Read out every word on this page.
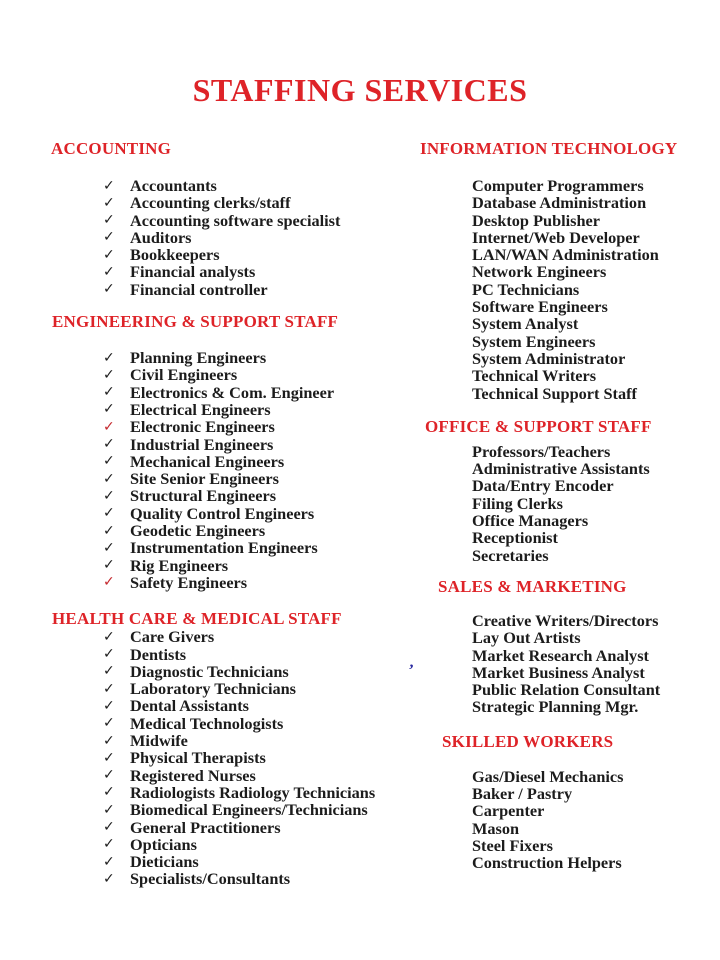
STAFFING SERVICES
ACCOUNTING
✓ Accountants
✓ Accounting clerks/staff
✓ Accounting software specialist
✓ Auditors
✓ Bookkeepers
✓ Financial analysts
✓ Financial controller
ENGINEERING & SUPPORT STAFF
✓ Planning Engineers
✓ Civil Engineers
✓ Electronics & Com. Engineer
✓ Electrical Engineers
✓ Electronic Engineers
✓ Industrial Engineers
✓ Mechanical Engineers
✓ Site Senior Engineers
✓ Structural Engineers
✓ Quality Control Engineers
✓ Geodetic Engineers
✓ Instrumentation Engineers
✓ Rig Engineers
✓ Safety Engineers
HEALTH CARE & MEDICAL STAFF
✓ Care Givers
✓ Dentists
✓ Diagnostic Technicians
✓ Laboratory Technicians
✓ Dental Assistants
✓ Medical Technologists
✓ Midwife
✓ Physical Therapists
✓ Registered Nurses
✓ Radiologists Radiology Technicians
✓ Biomedical Engineers/Technicians
✓ General Practitioners
✓ Opticians
✓ Dieticians
✓ Specialists/Consultants
INFORMATION TECHNOLOGY
Computer Programmers
Database Administration
Desktop Publisher
Internet/Web Developer
LAN/WAN Administration
Network Engineers
PC Technicians
Software Engineers
System Analyst
System Engineers
System Administrator
Technical Writers
Technical Support Staff
OFFICE & SUPPORT STAFF
Professors/Teachers
Administrative Assistants
Data/Entry Encoder
Filing Clerks
Office Managers
Receptionist
Secretaries
SALES & MARKETING
Creative Writers/Directors
Lay Out Artists
Market Research Analyst
Market Business Analyst
Public Relation Consultant
Strategic Planning Mgr.
SKILLED WORKERS
Gas/Diesel Mechanics
Baker / Pastry
Carpenter
Mason
Steel Fixers
Construction Helpers
’
